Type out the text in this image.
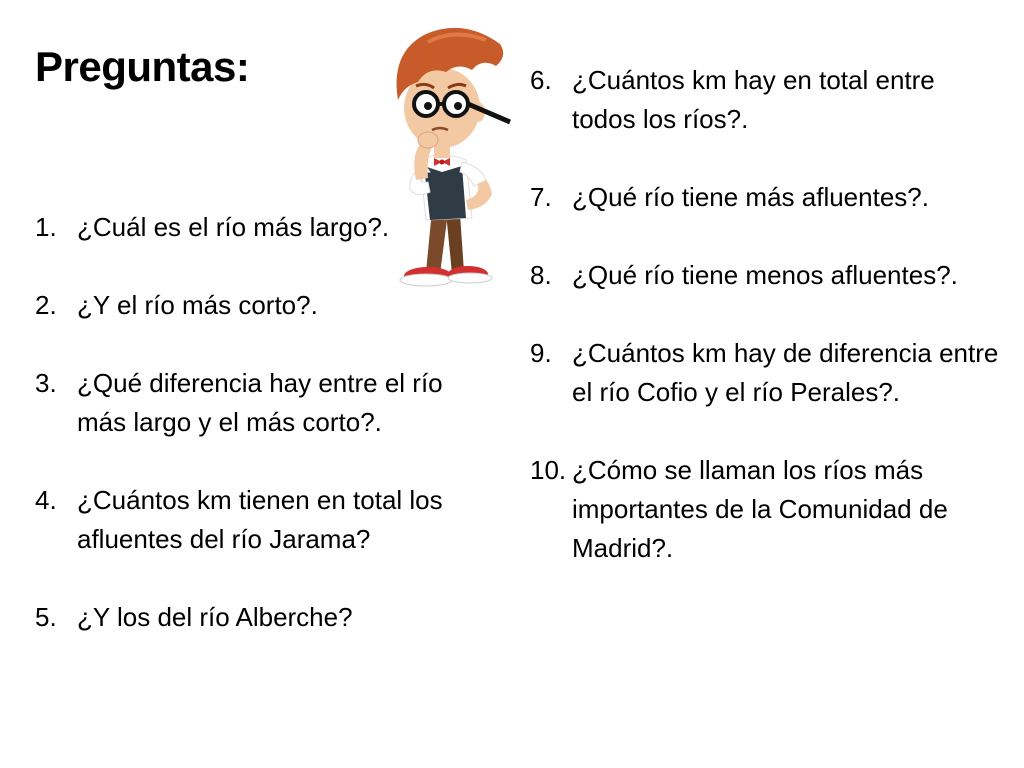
Preguntas:
1. ¿Cuál es el río más largo?.
2. ¿Y el río más corto?.
3. ¿Qué diferencia hay entre el río más largo y el más corto?.
4. ¿Cuántos km tienen en total los afluentes del río Jarama?
5. ¿Y los del río Alberche?
6. ¿Cuántos km hay en total entre todos los ríos?.
7. ¿Qué río tiene más afluentes?.
8. ¿Qué río tiene menos afluentes?.
9. ¿Cuántos km hay de diferencia entre el río Cofio y el río Perales?.
10. ¿Cómo se llaman los ríos más importantes de la Comunidad de Madrid?.
